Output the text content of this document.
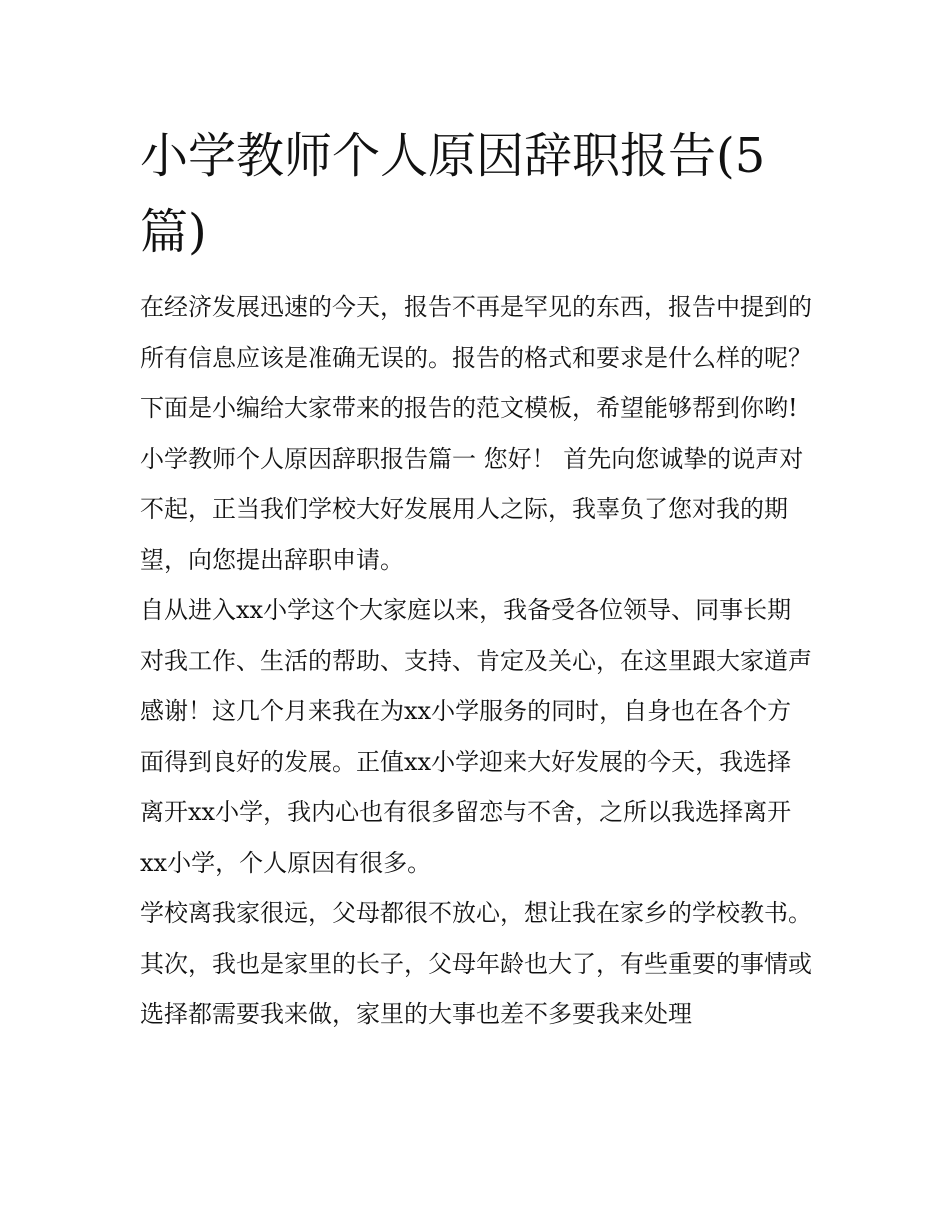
小学教师个人原因辞职报告(5篇)

在经济发展迅速的今天，报告不再是罕见的东西，报告中提到的所有信息应该是准确无误的。报告的格式和要求是什么样的呢？下面是小编给大家带来的报告的范文模板，希望能够帮到你哟!

小学教师个人原因辞职报告篇一 您好！ 首先向您诚挚的说声对不起，正当我们学校大好发展用人之际，我辜负了您对我的期望，向您提出辞职申请。

自从进入xx小学这个大家庭以来，我备受各位领导、同事长期对我工作、生活的帮助、支持、肯定及关心，在这里跟大家道声感谢！这几个月来我在为xx小学服务的同时，自身也在各个方面得到良好的发展。正值xx小学迎来大好发展的今天，我选择离开xx小学，我内心也有很多留恋与不舍，之所以我选择离开xx小学，个人原因有很多。

学校离我家很远，父母都很不放心，想让我在家乡的学校教书。其次，我也是家里的长子，父母年龄也大了，有些重要的事情或选择都需要我来做，家里的大事也差不多要我来处理
